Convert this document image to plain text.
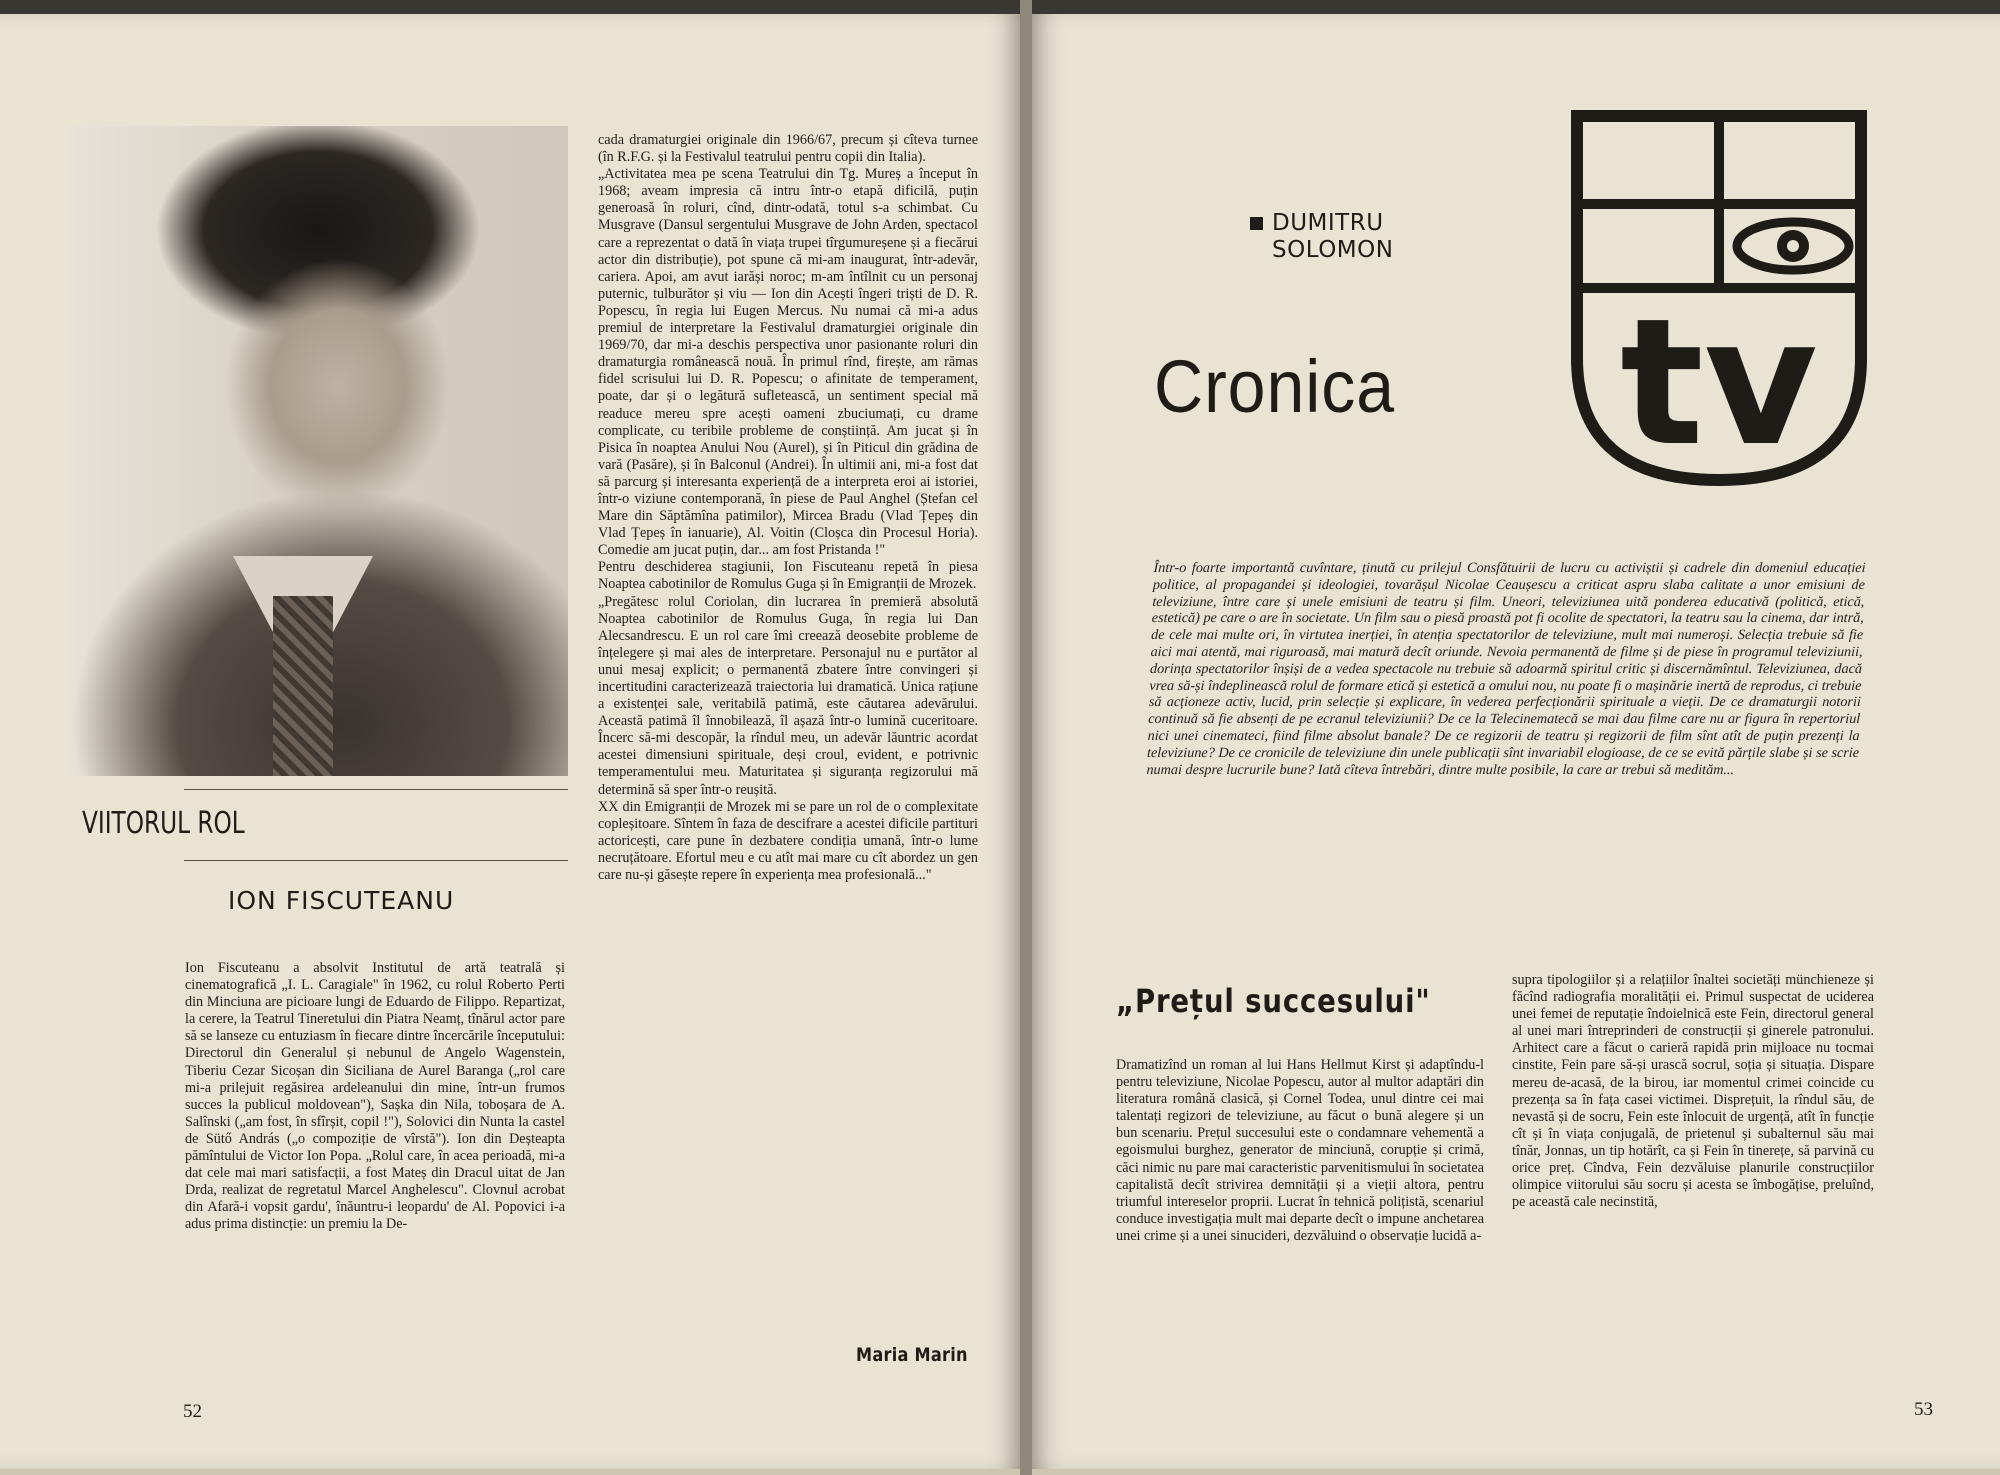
VIITORUL ROL
ION FISCUTEANU
Ion Fiscuteanu a absolvit Institutul de artă teatrală și cinematografică „I. L. Caragiale" în 1962, cu rolul Roberto Perti din Minciuna are picioare lungi de Eduardo de Filippo. Repartizat, la cerere, la Teatrul Tineretului din Piatra Neamț, tînărul actor pare să se lanseze cu entuziasm în fiecare dintre încercările începutului: Directorul din Generalul și nebunul de Angelo Wagenstein, Tiberiu Cezar Sicoșan din Siciliana de Aurel Baranga („rol care mi-a prilejuit regăsirea ardeleanului din mine, într-un frumos succes la publicul moldovean"), Sașka din Nila, toboșara de A. Salînski („am fost, în sfîrșit, copil !"), Solovici din Nunta la castel de Sütő András („o compoziție de vîrstă"). Ion din Deșteapta pămîntului de Victor Ion Popa. „Rolul care, în acea perioadă, mi-a dat cele mai mari satisfacții, a fost Mateș din Dracul uitat de Jan Drda, realizat de regretatul Marcel Anghelescu". Clovnul acrobat din Afară-i vopsit gardu', înăuntru-i leopardu' de Al. Popovici i-a adus prima distincție: un premiu la De-
cada dramaturgiei originale din 1966/67, precum și cîteva turnee (în R.F.G. și la Festivalul teatrului pentru copii din Italia).
„Activitatea mea pe scena Teatrului din Tg. Mureș a început în 1968; aveam impresia că intru într-o etapă dificilă, puțin generoasă în roluri, cînd, dintr-odată, totul s-a schimbat. Cu Musgrave (Dansul sergentului Musgrave de John Arden, spectacol care a reprezentat o dată în viața trupei tîrgumureșene și a fiecărui actor din distribuție), pot spune că mi-am inaugurat, într-adevăr, cariera. Apoi, am avut iarăși noroc; m-am întîlnit cu un personaj puternic, tulburător și viu — Ion din Acești îngeri triști de D. R. Popescu, în regia lui Eugen Mercus. Nu numai că mi-a adus premiul de interpretare la Festivalul dramaturgiei originale din 1969/70, dar mi-a deschis perspectiva unor pasionante roluri din dramaturgia românească nouă. În primul rînd, firește, am rămas fidel scrisului lui D. R. Popescu; o afinitate de temperament, poate, dar și o legătură sufletească, un sentiment special mă readuce mereu spre acești oameni zbuciumați, cu drame complicate, cu teribile probleme de conștiință. Am jucat și în Pisica în noaptea Anului Nou (Aurel), și în Piticul din grădina de vară (Pasăre), și în Balconul (Andrei). În ultimii ani, mi-a fost dat să parcurg și interesanta experiență de a interpreta eroi ai istoriei, într-o viziune contemporană, în piese de Paul Anghel (Ștefan cel Mare din Săptămîna patimilor), Mircea Bradu (Vlad Țepeș din Vlad Țepeș în ianuarie), Al. Voitin (Cloșca din Procesul Horia). Comedie am jucat puțin, dar... am fost Pristanda !"
Pentru deschiderea stagiunii, Ion Fiscuteanu repetă în piesa Noaptea cabotinilor de Romulus Guga și în Emigranții de Mrozek.
„Pregătesc rolul Coriolan, din lucrarea în premieră absolută Noaptea cabotinilor de Romulus Guga, în regia lui Dan Alecsandrescu. E un rol care îmi creează deosebite probleme de înțelegere și mai ales de interpretare. Personajul nu e purtător al unui mesaj explicit; o permanentă zbatere între convingeri și incertitudini caracterizează traiectoria lui dramatică. Unica rațiune a existenței sale, veritabilă patimă, este căutarea adevărului. Această patimă îl înnobilează, îl așază într-o lumină cuceritoare. Încerc să-mi descopăr, la rîndul meu, un adevăr lăuntric acordat acestei dimensiuni spirituale, deși croul, evident, e potrivnic temperamentului meu. Maturitatea și siguranța regizorului mă determină să sper într-o reușită.
XX din Emigranții de Mrozek mi se pare un rol de o complexitate copleșitoare. Sîntem în faza de descifrare a acestei dificile partituri actoricești, care pune în dezbatere condiția umană, într-o lume necruțătoare. Efortul meu e cu atît mai mare cu cît abordez un gen care nu-și găsește repere în experiența mea profesională..."
Maria Marin
52
DUMITRU
SOLOMON
Cronica tv
Într-o foarte importantă cuvîntare, ținută cu prilejul Consfătuirii de lucru cu activiștii și cadrele din domeniul educației politice, al propagandei și ideologiei, tovarășul Nicolae Ceaușescu a criticat aspru slaba calitate a unor emisiuni de televiziune, între care și unele emisiuni de teatru și film. Uneori, televiziunea uită ponderea educativă (politică, etică, estetică) pe care o are în societate. Un film sau o piesă proastă pot fi ocolite de spectatori, la teatru sau la cinema, dar intră, de cele mai multe ori, în virtutea inerției, în atenția spectatorilor de televiziune, mult mai numeroși. Selecția trebuie să fie aici mai atentă, mai riguroasă, mai matură decît oriunde. Nevoia permanentă de filme și de piese în programul televiziunii, dorința spectatorilor înșiși de a vedea spectacole nu trebuie să adoarmă spiritul critic și discernămîntul. Televiziunea, dacă vrea să-și îndeplinească rolul de formare etică și estetică a omului nou, nu poate fi o mașinărie inertă de reprodus, ci trebuie să acționeze activ, lucid, prin selecție și explicare, în vederea perfecționării spirituale a vieții. De ce dramaturgii notorii continuă să fie absenți de pe ecranul televiziunii? De ce la Telecinematecă se mai dau filme care nu ar figura în repertoriul nici unei cinemateci, fiind filme absolut banale? De ce regizorii de teatru și regizorii de film sînt atît de puțin prezenți la televiziune? De ce cronicile de televiziune din unele publicații sînt invariabil elogioase, de ce se evită părțile slabe și se scrie numai despre lucrurile bune? Iată cîteva întrebări, dintre multe posibile, la care ar trebui să medităm...
„Prețul succesului"
Dramatizînd un roman al lui Hans Hellmut Kirst și adaptîndu-l pentru televiziune, Nicolae Popescu, autor al multor adaptări din literatura română clasică, și Cornel Todea, unul dintre cei mai talentați regizori de televiziune, au făcut o bună alegere și un bun scenariu. Prețul succesului este o condamnare vehementă a egoismului burghez, generator de minciună, corupție și crimă, căci nimic nu pare mai caracteristic parvenitismului în societatea capitalistă decît strivirea demnității și a vieții altora, pentru triumful intereselor proprii. Lucrat în tehnică polițistă, scenariul conduce investigația mult mai departe decît o impune anchetarea unei crime și a unei sinucideri, dezvăluind o observație lucidă a-
supra tipologiilor și a relațiilor înaltei societăți münchieneze și făcînd radiografia moralității ei. Primul suspectat de uciderea unei femei de reputație îndoielnică este Fein, directorul general al unei mari întreprinderi de construcții și ginerele patronului. Arhitect care a făcut o carieră rapidă prin mijloace nu tocmai cinstite, Fein pare să-și urască socrul, soția și situația. Dispare mereu de-acasă, de la birou, iar momentul crimei coincide cu prezența sa în fața casei victimei. Disprețuit, la rîndul său, de nevastă și de socru, Fein este înlocuit de urgență, atît în funcție cît și în viața conjugală, de prietenul și subalternul său mai tînăr, Jonnas, un tip hotărît, ca și Fein în tinerețe, să parvină cu orice preț. Cîndva, Fein dezvăluise planurile construcțiilor olimpice viitorului său socru și acesta se îmbogățise, preluînd, pe această cale necinstită,
53
